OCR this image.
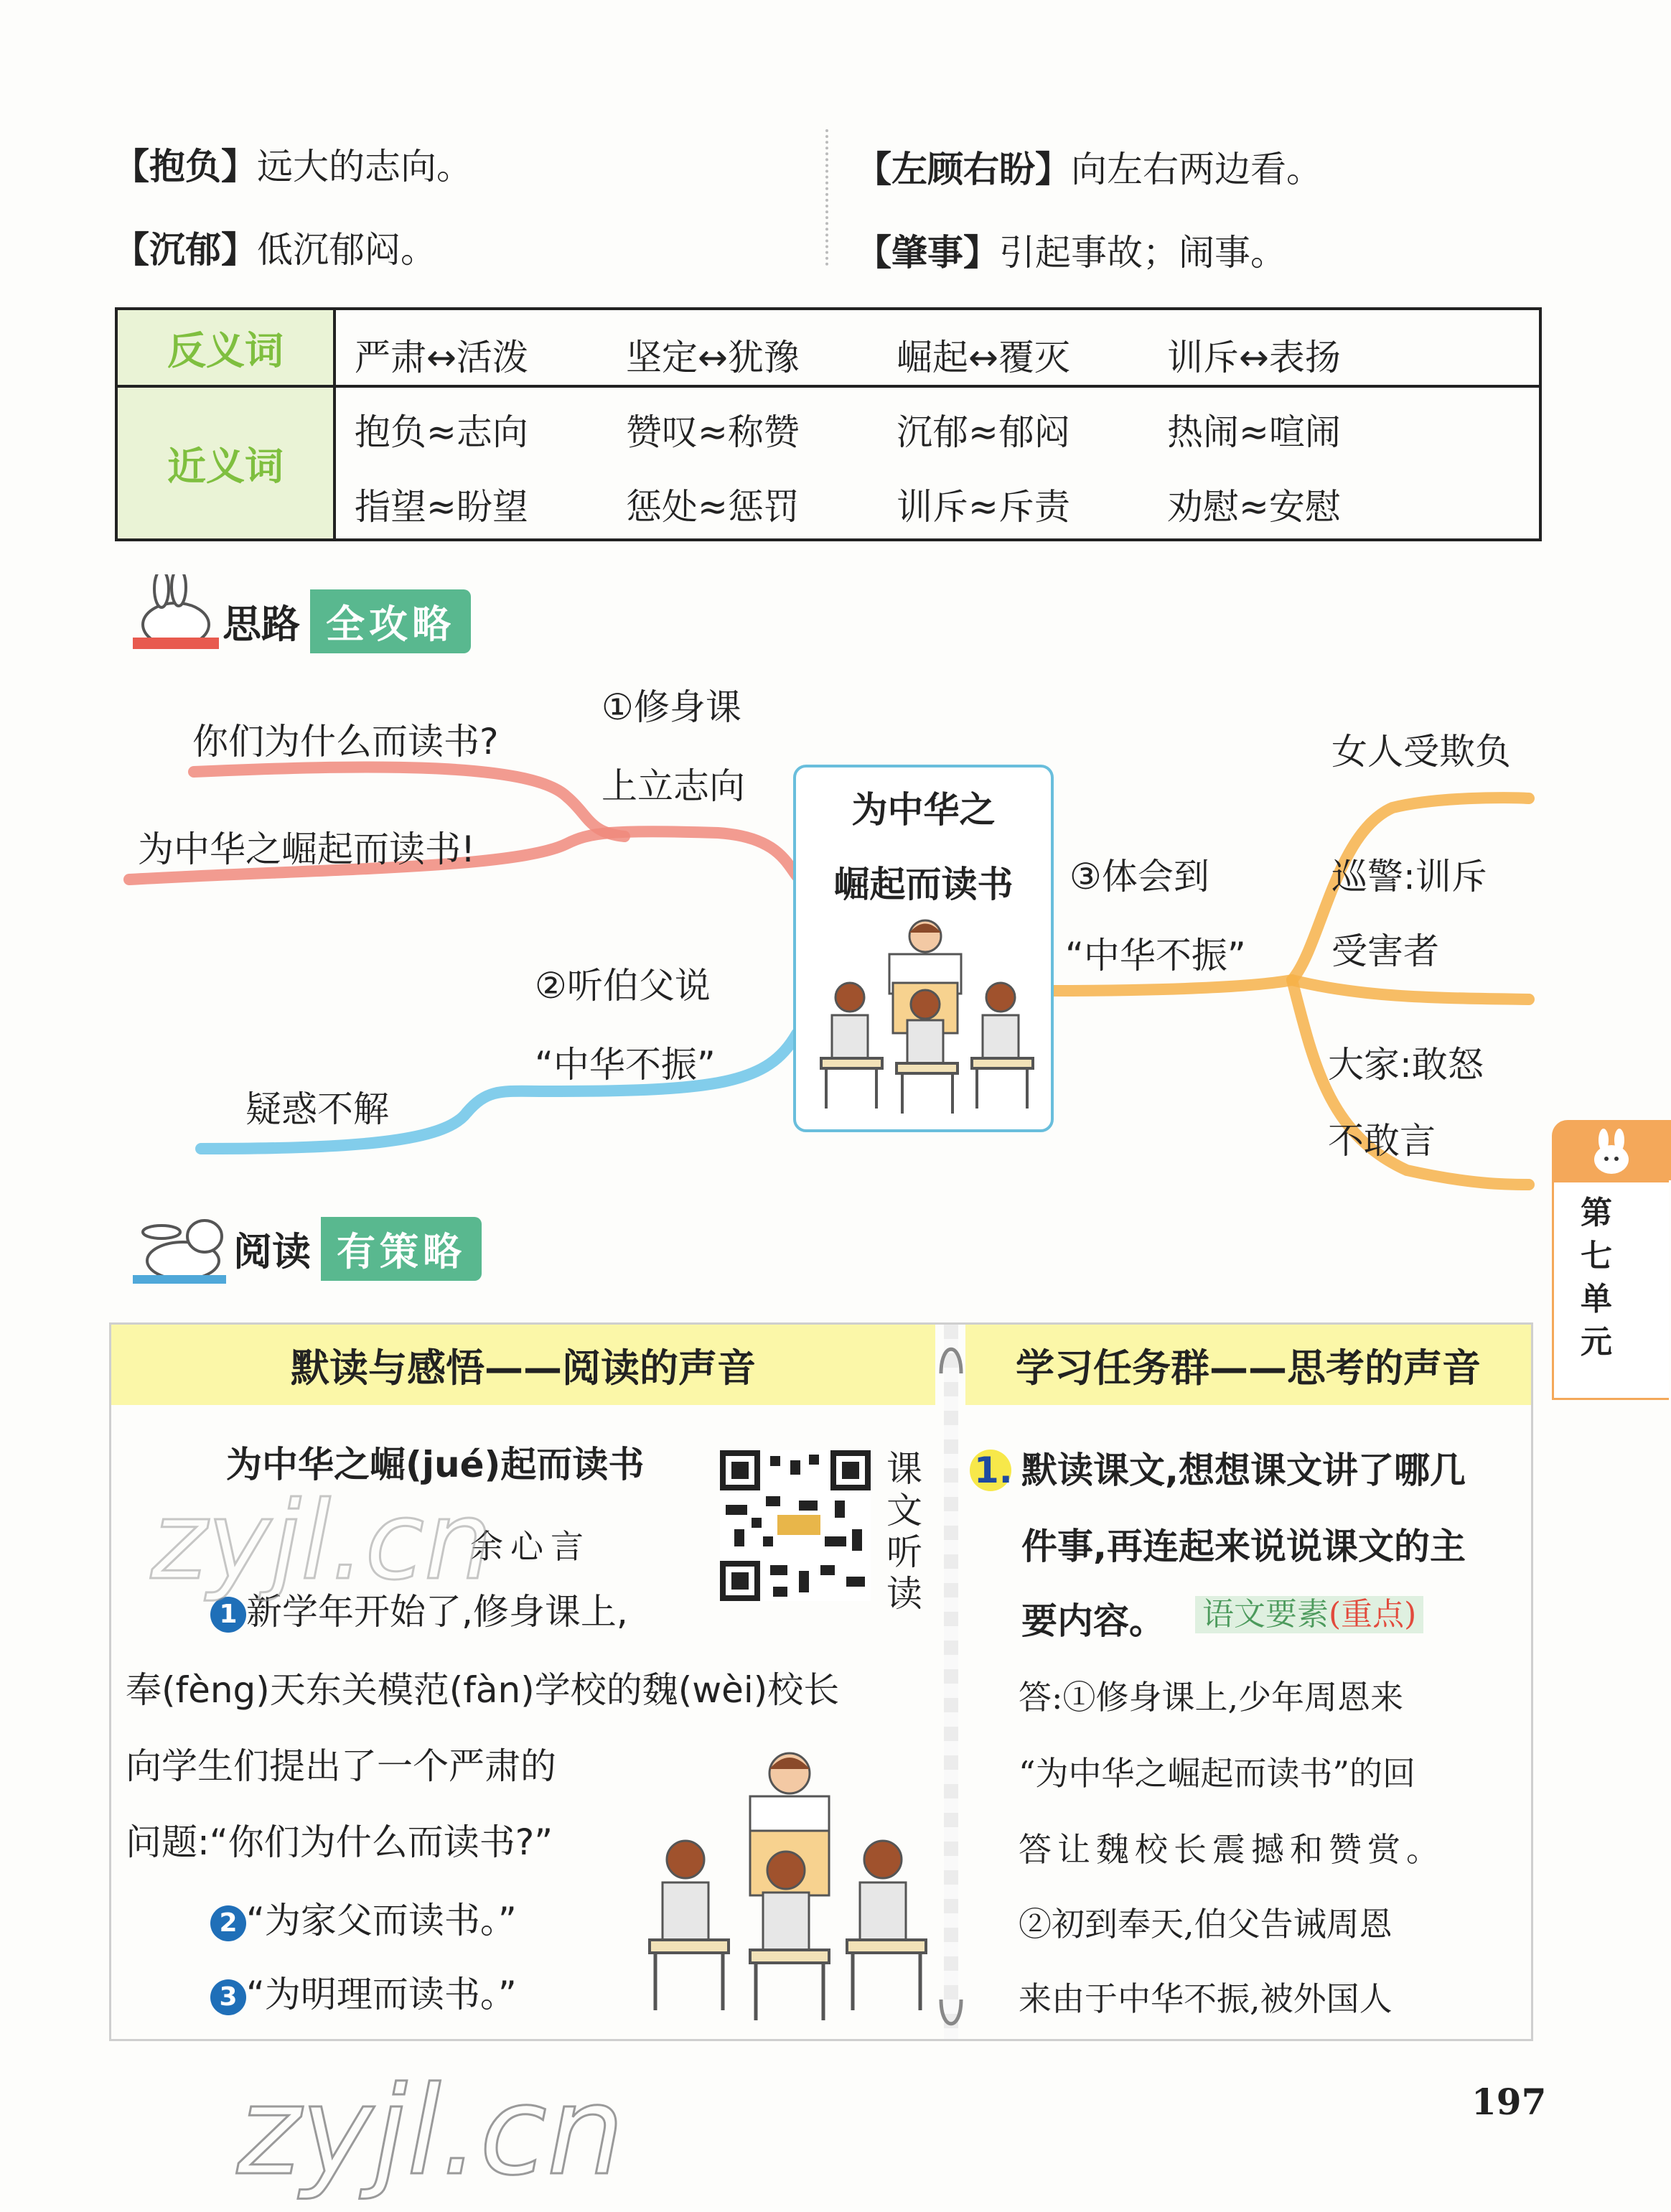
【抱负】远大的志向。
【沉郁】低沉郁闷。
【左顾右盼】向左右两边看。
【肇事】引起事故；闹事。
反义词
近义词
严肃↔活泼	坚定↔犹豫	崛起↔覆灭	训斥↔表扬
抱负≈志向	赞叹≈称赞	沉郁≈郁闷	热闹≈喧闹
指望≈盼望	惩处≈惩罚	训斥≈斥责	劝慰≈安慰
思路 全攻略
①修身课
上立志向
你们为什么而读书?
为中华之崛起而读书!
②听伯父说
“中华不振”
疑惑不解
③体会到
“中华不振”
女人受欺负
巡警:训斥
受害者
大家:敢怒
不敢言
为中华之
崛起而读书
阅读 有策略
默读与感悟——阅读的声音	学习任务群——思考的声音
为中华之崛(jué)起而读书
余心言
课
文
听
读
1 新学年开始了,修身课上,
奉(fèng)天东关模范(fàn)学校的魏(wèi)校长
向学生们提出了一个严肃的
问题:“你们为什么而读书?”
2 “为家父而读书。”
3 “为明理而读书。”
1. 默读课文,想想课文讲了哪几
件事,再连起来说说课文的主
要内容。 语文要素(重点)
答:①修身课上,少年周恩来
“为中华之崛起而读书”的回
答让魏校长震撼和赞赏。
②初到奉天,伯父告诫周恩
来由于中华不振,被外国人
第
七
单
元
197
zyjl.cn
zyjl.cn
